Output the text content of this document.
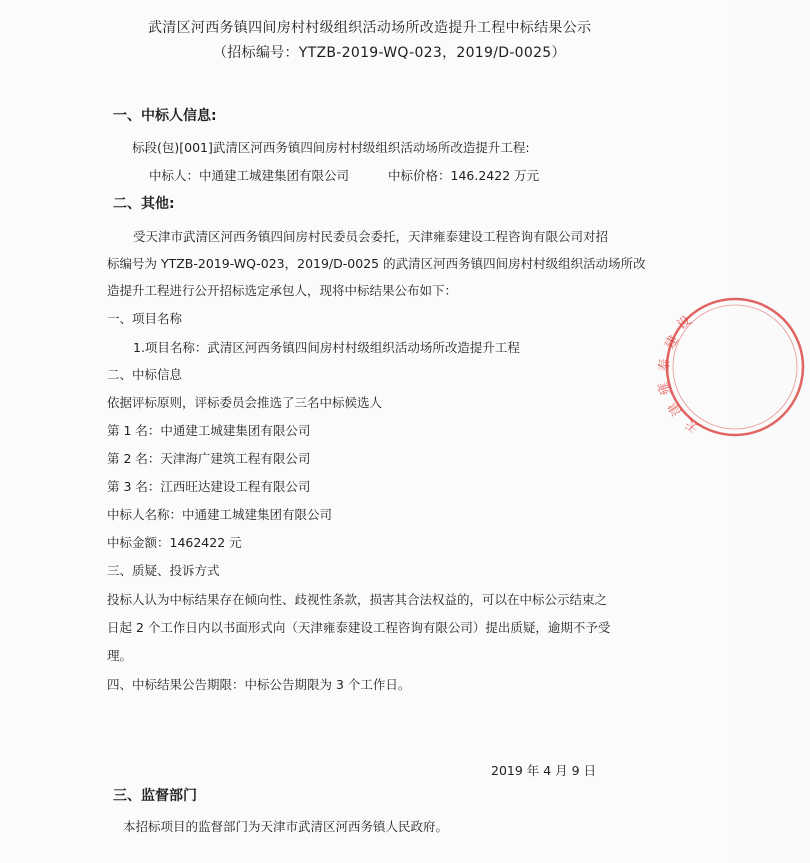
武清区河西务镇四间房村村级组织活动场所改造提升工程中标结果公示
（招标编号：YTZB-2019-WQ-023，2019/D-0025）
一、中标人信息:
标段(包)[001]武清区河西务镇四间房村村级组织活动场所改造提升工程:
中标人：中通建工城建集团有限公司	中标价格：146.2422 万元
二、其他:
受天津市武清区河西务镇四间房村民委员会委托，天津雍泰建设工程咨询有限公司对招
标编号为 YTZB-2019-WQ-023，2019/D-0025 的武清区河西务镇四间房村村级组织活动场所改
造提升工程进行公开招标选定承包人，现将中标结果公布如下：
一、项目名称
1.项目名称：武清区河西务镇四间房村村级组织活动场所改造提升工程
二、中标信息
依据评标原则，评标委员会推选了三名中标候选人
第 1 名：中通建工城建集团有限公司
第 2 名：天津海广建筑工程有限公司
第 3 名：江西旺达建设工程有限公司
中标人名称：中通建工城建集团有限公司
中标金额：1462422 元
三、质疑、投诉方式
投标人认为中标结果存在倾向性、歧视性条款，损害其合法权益的，可以在中标公示结束之
日起 2 个工作日内以书面形式向（天津雍泰建设工程咨询有限公司）提出质疑，逾期不予受
理。
四、中标结果公告期限：中标公告期限为 3 个工作日。
2019 年 4 月 9 日
三、监督部门
本招标项目的监督部门为天津市武清区河西务镇人民政府。
设
建
泰
雍
津
天
